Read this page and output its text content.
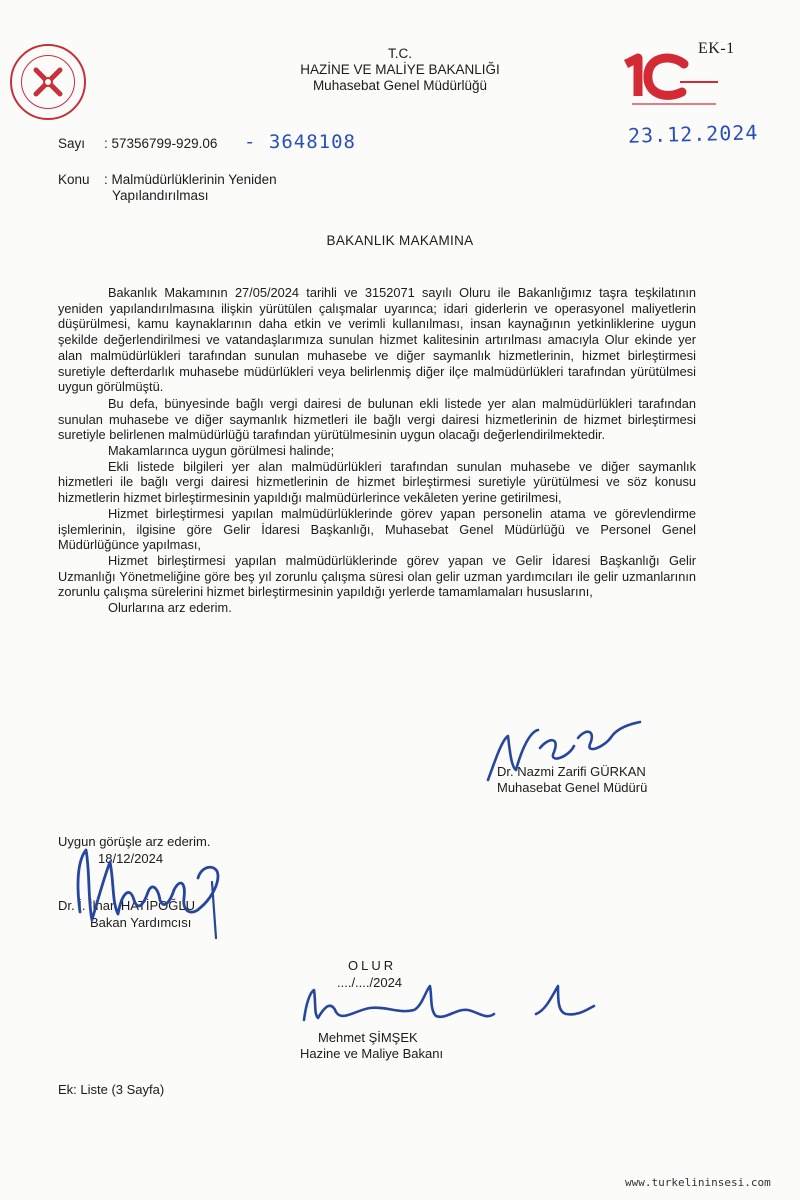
T.C.
HAZİNE VE MALİYE BAKANLIĞI
Muhasebat Genel Müdürlüğü
EK-1
23.12.2024
Sayı : 57356799-929.06 - 3648108
Konu : Malmüdürlüklerinin Yeniden
Yapılandırılması
BAKANLIK MAKAMINA

Bakanlık Makamının 27/05/2024 tarihli ve 3152071 sayılı Oluru ile Bakanlığımız taşra teşkilatının yeniden yapılandırılmasına ilişkin yürütülen çalışmalar uyarınca; idari giderlerin ve operasyonel maliyetlerin düşürülmesi, kamu kaynaklarının daha etkin ve verimli kullanılması, insan kaynağının yetkinliklerine uygun şekilde değerlendirilmesi ve vatandaşlarımıza sunulan hizmet kalitesinin artırılması amacıyla Olur ekinde yer alan malmüdürlükleri tarafından sunulan muhasebe ve diğer saymanlık hizmetlerinin, hizmet birleştirmesi suretiyle defterdarlık muhasebe müdürlükleri veya belirlenmiş diğer ilçe malmüdürlükleri tarafından yürütülmesi uygun görülmüştü.

Bu defa, bünyesinde bağlı vergi dairesi de bulunan ekli listede yer alan malmüdürlükleri tarafından sunulan muhasebe ve diğer saymanlık hizmetleri ile bağlı vergi dairesi hizmetlerinin de hizmet birleştirmesi suretiyle belirlenen malmüdürlüğü tarafından yürütülmesinin uygun olacağı değerlendirilmektedir.

Makamlarınca uygun görülmesi halinde;

Ekli listede bilgileri yer alan malmüdürlükleri tarafından sunulan muhasebe ve diğer saymanlık hizmetleri ile bağlı vergi dairesi hizmetlerinin de hizmet birleştirmesi suretiyle yürütülmesi ve söz konusu hizmetlerin hizmet birleştirmesinin yapıldığı malmüdürlerince vekâleten yerine getirilmesi,

Hizmet birleştirmesi yapılan malmüdürlüklerinde görev yapan personelin atama ve görevlendirme işlemlerinin, ilgisine göre Gelir İdaresi Başkanlığı, Muhasebat Genel Müdürlüğü ve Personel Genel Müdürlüğünce yapılması,

Hizmet birleştirmesi yapılan malmüdürlüklerinde görev yapan ve Gelir İdaresi Başkanlığı Gelir Uzmanlığı Yönetmeliğine göre beş yıl zorunlu çalışma süresi olan gelir uzman yardımcıları ile gelir uzmanlarının zorunlu çalışma sürelerini hizmet birleştirmesinin yapıldığı yerlerde tamamlamaları hususlarını,

Olurlarına arz ederim.

Dr. Nazmi Zarifi GÜRKAN
Muhasebat Genel Müdürü
Uygun görüşle arz ederim.
18/12/2024
Dr. İ. İlhan HATİPOĞLU
Bakan Yardımcısı
OLUR
..../..../2024
Mehmet ŞİMŞEK
Hazine ve Maliye Bakanı
Ek: Liste (3 Sayfa)
www.turkelininsesi.com
